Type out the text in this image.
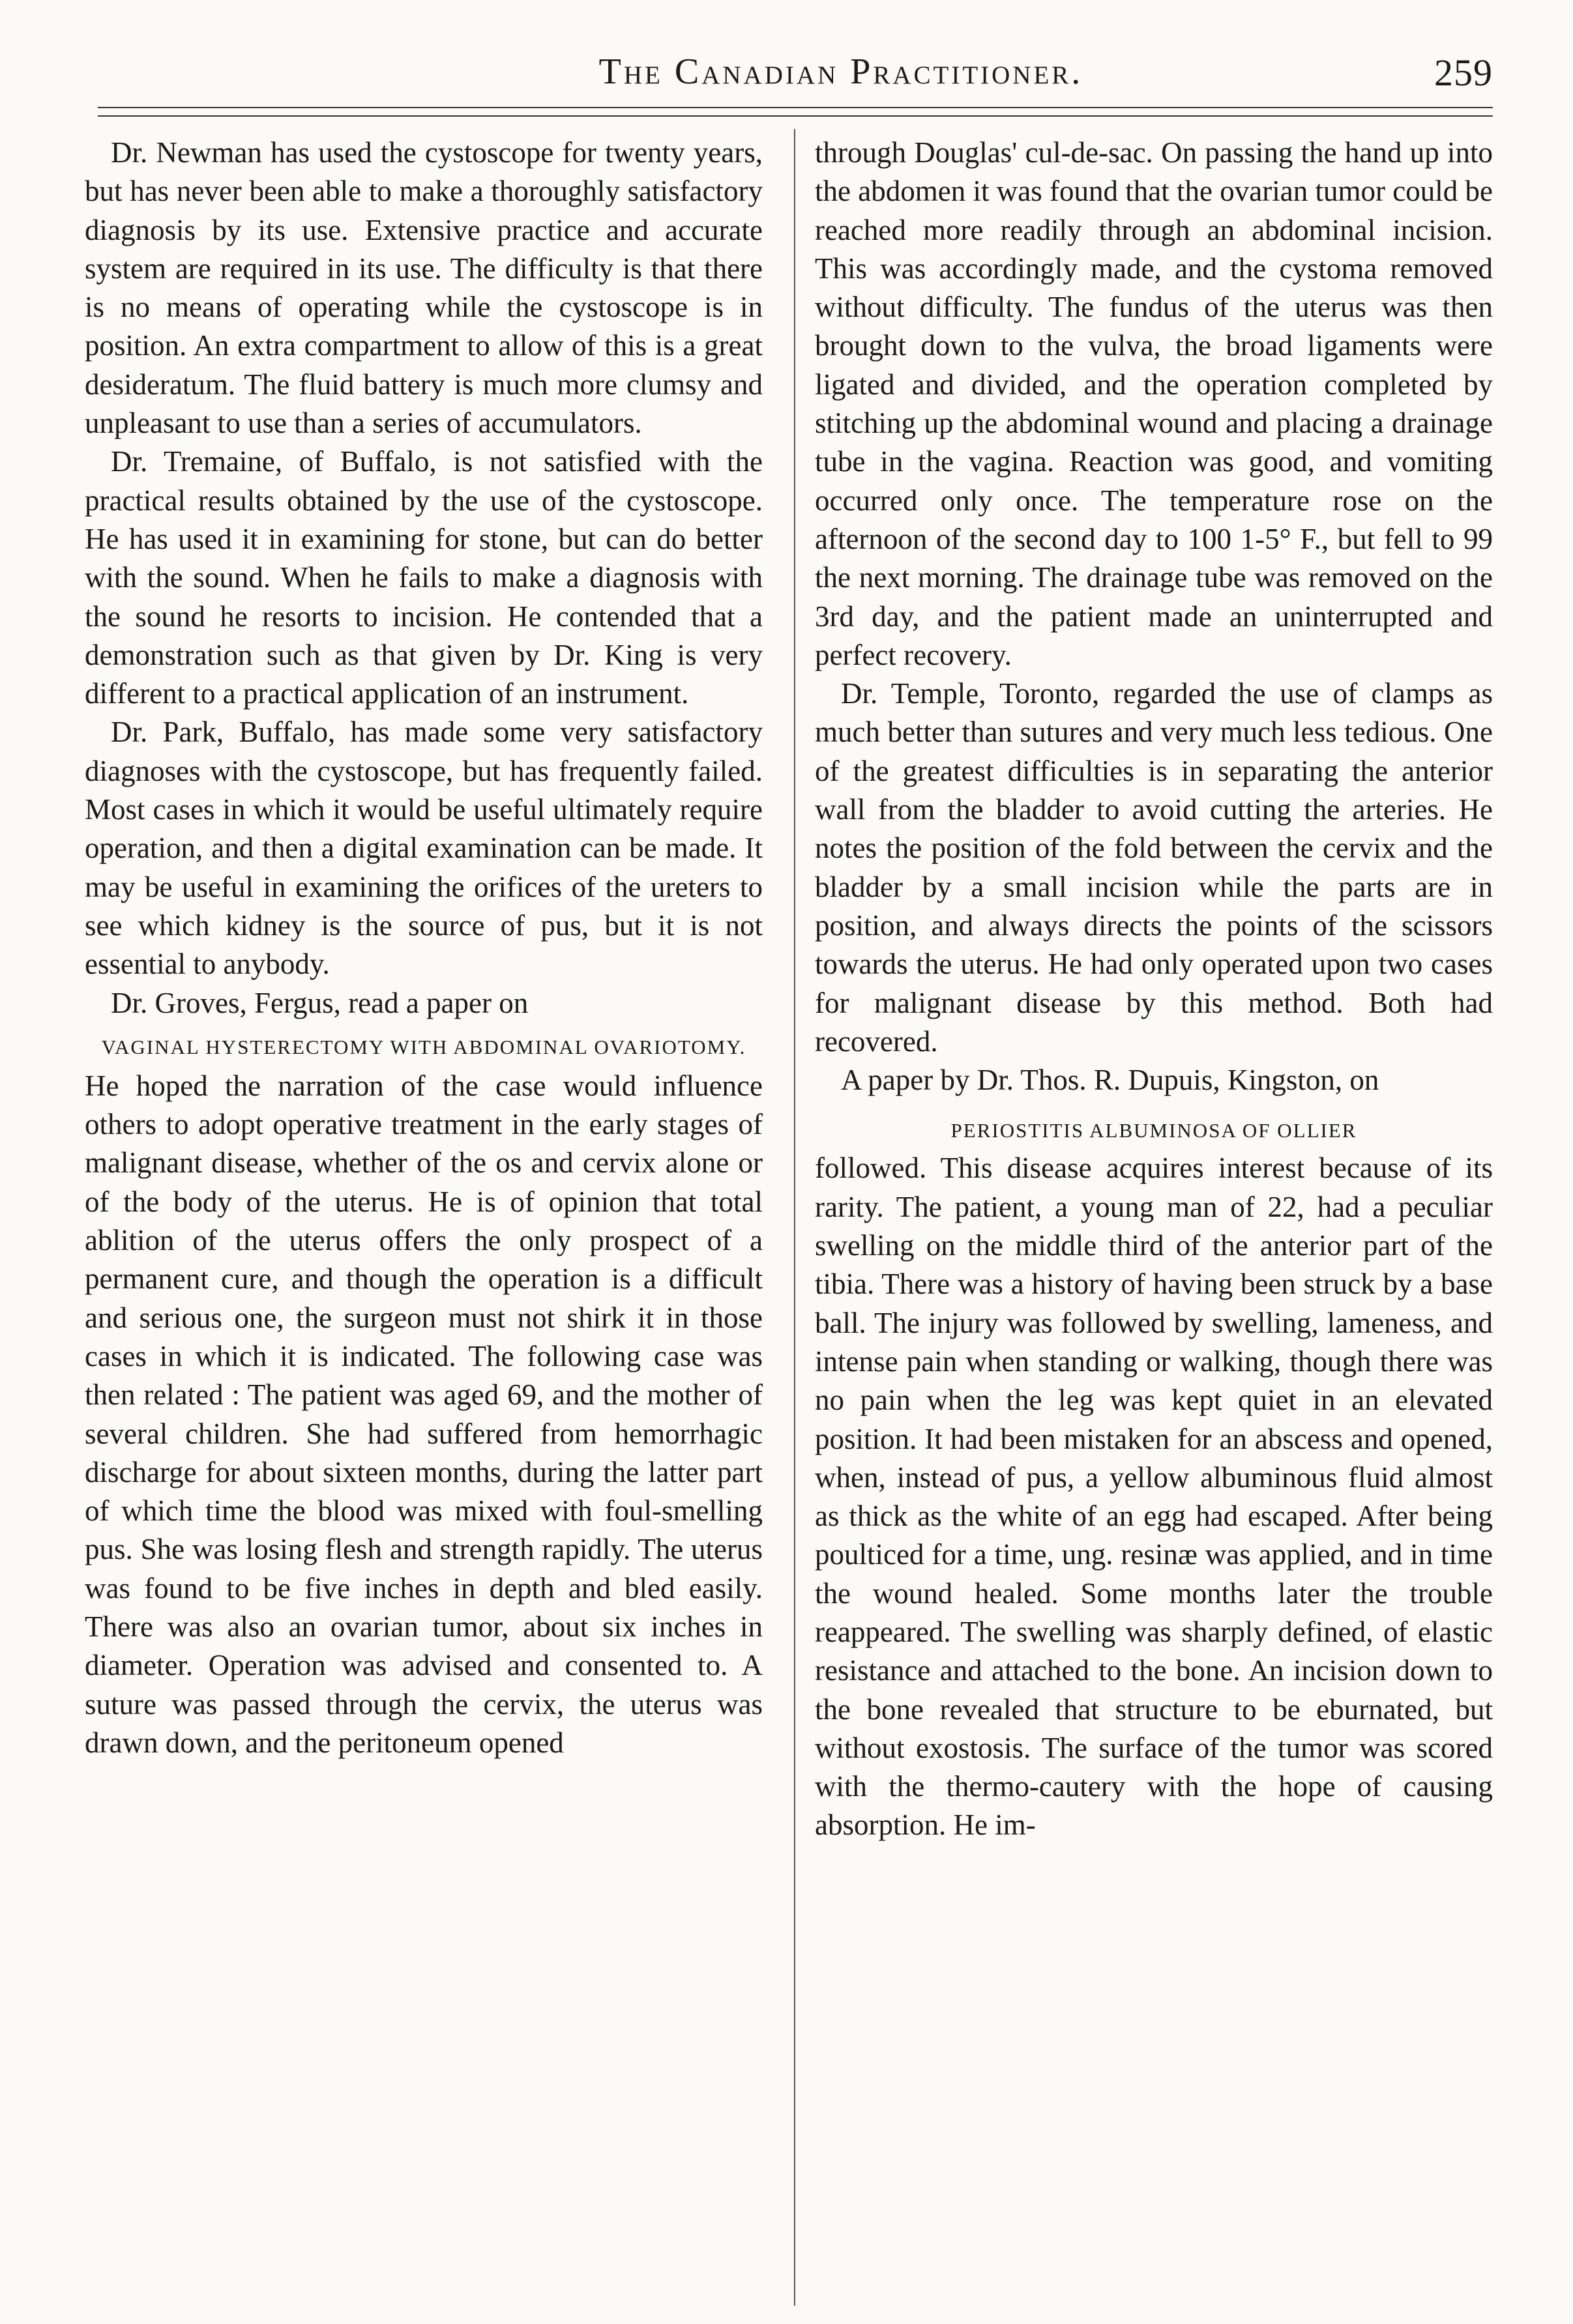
The Canadian Practitioner.	259

Dr. Newman has used the cystoscope for twenty years, but has never been able to make a thoroughly satisfactory diagnosis by its use. Extensive practice and accurate system are required in its use. The difficulty is that there is no means of operating while the cystoscope is in position. An extra compartment to allow of this is a great desideratum. The fluid battery is much more clumsy and unpleasant to use than a series of accumulators.

Dr. Tremaine, of Buffalo, is not satisfied with the practical results obtained by the use of the cystoscope. He has used it in examining for stone, but can do better with the sound. When he fails to make a diagnosis with the sound he resorts to incision. He contended that a demonstration such as that given by Dr. King is very different to a practical application of an instrument.

Dr. Park, Buffalo, has made some very satisfactory diagnoses with the cystoscope, but has frequently failed. Most cases in which it would be useful ultimately require operation, and then a digital examination can be made. It may be useful in examining the orifices of the ureters to see which kidney is the source of pus, but it is not essential to anybody.

Dr. Groves, Fergus, read a paper on

VAGINAL HYSTERECTOMY WITH ABDOMINAL OVARIOTOMY.

He hoped the narration of the case would influence others to adopt operative treatment in the early stages of malignant disease, whether of the os and cervix alone or of the body of the uterus. He is of opinion that total ablition of the uterus offers the only prospect of a permanent cure, and though the operation is a difficult and serious one, the surgeon must not shirk it in those cases in which it is indicated. The following case was then related : The patient was aged 69, and the mother of several children. She had suffered from hemorrhagic discharge for about sixteen months, during the latter part of which time the blood was mixed with foul-smelling pus. She was losing flesh and strength rapidly. The uterus was found to be five inches in depth and bled easily. There was also an ovarian tumor, about six inches in diameter. Operation was advised and consented to. A suture was passed through the cervix, the uterus was drawn down, and the peritoneum opened

through Douglas' cul-de-sac. On passing the hand up into the abdomen it was found that the ovarian tumor could be reached more readily through an abdominal incision. This was accordingly made, and the cystoma removed without difficulty. The fundus of the uterus was then brought down to the vulva, the broad ligaments were ligated and divided, and the operation completed by stitching up the abdominal wound and placing a drainage tube in the vagina. Reaction was good, and vomiting occurred only once. The temperature rose on the afternoon of the second day to 100 1-5° F., but fell to 99 the next morning. The drainage tube was removed on the 3rd day, and the patient made an uninterrupted and perfect recovery.

Dr. Temple, Toronto, regarded the use of clamps as much better than sutures and very much less tedious. One of the greatest difficulties is in separating the anterior wall from the bladder to avoid cutting the arteries. He notes the position of the fold between the cervix and the bladder by a small incision while the parts are in position, and always directs the points of the scissors towards the uterus. He had only operated upon two cases for malignant disease by this method. Both had recovered.

A paper by Dr. Thos. R. Dupuis, Kingston, on

PERIOSTITIS ALBUMINOSA OF OLLIER

followed. This disease acquires interest because of its rarity. The patient, a young man of 22, had a peculiar swelling on the middle third of the anterior part of the tibia. There was a history of having been struck by a base ball. The injury was followed by swelling, lameness, and intense pain when standing or walking, though there was no pain when the leg was kept quiet in an elevated position. It had been mistaken for an abscess and opened, when, instead of pus, a yellow albuminous fluid almost as thick as the white of an egg had escaped. After being poulticed for a time, ung. resinæ was applied, and in time the wound healed. Some months later the trouble reappeared. The swelling was sharply defined, of elastic resistance and attached to the bone. An incision down to the bone revealed that structure to be eburnated, but without exostosis. The surface of the tumor was scored with the thermo-cautery with the hope of causing absorption. He im-
